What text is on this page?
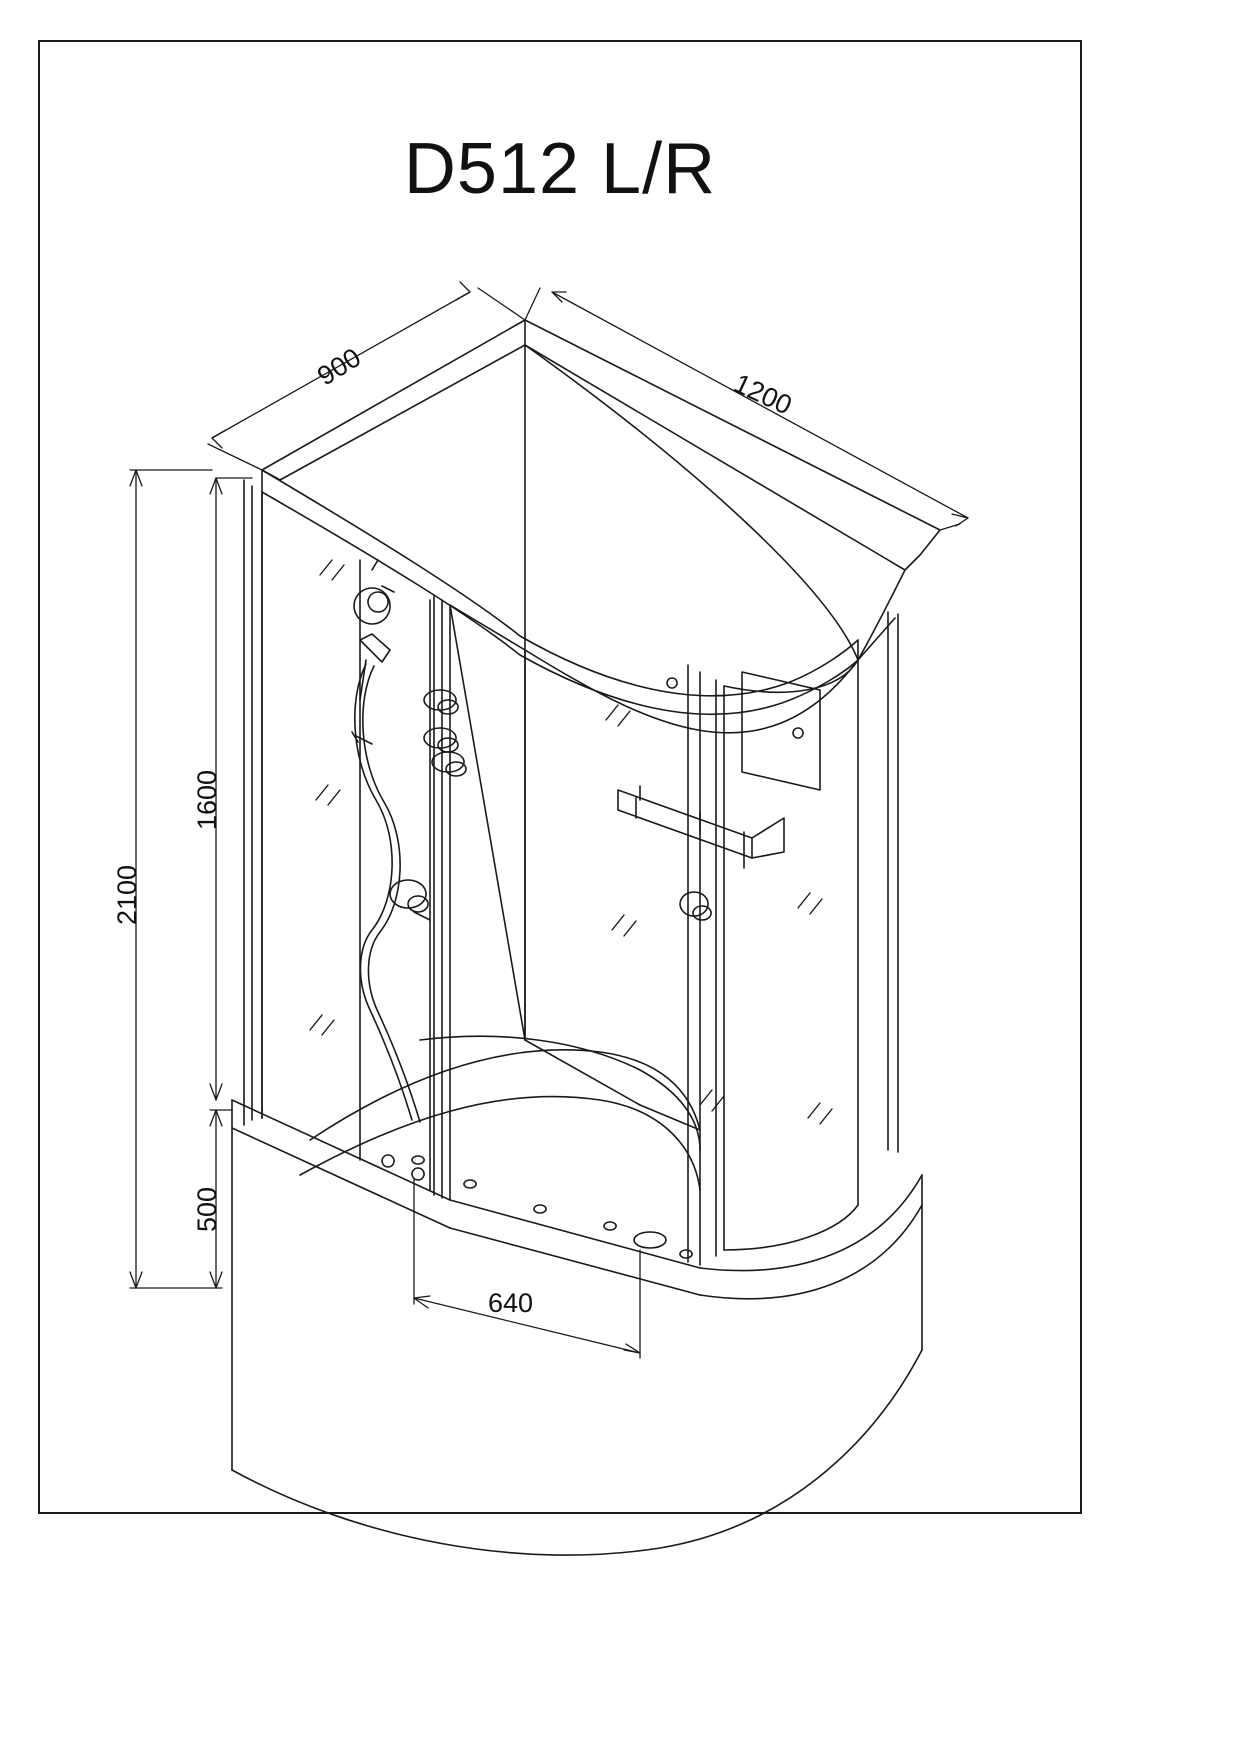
D512 L/R
900
1200
2100
1600
500
640
